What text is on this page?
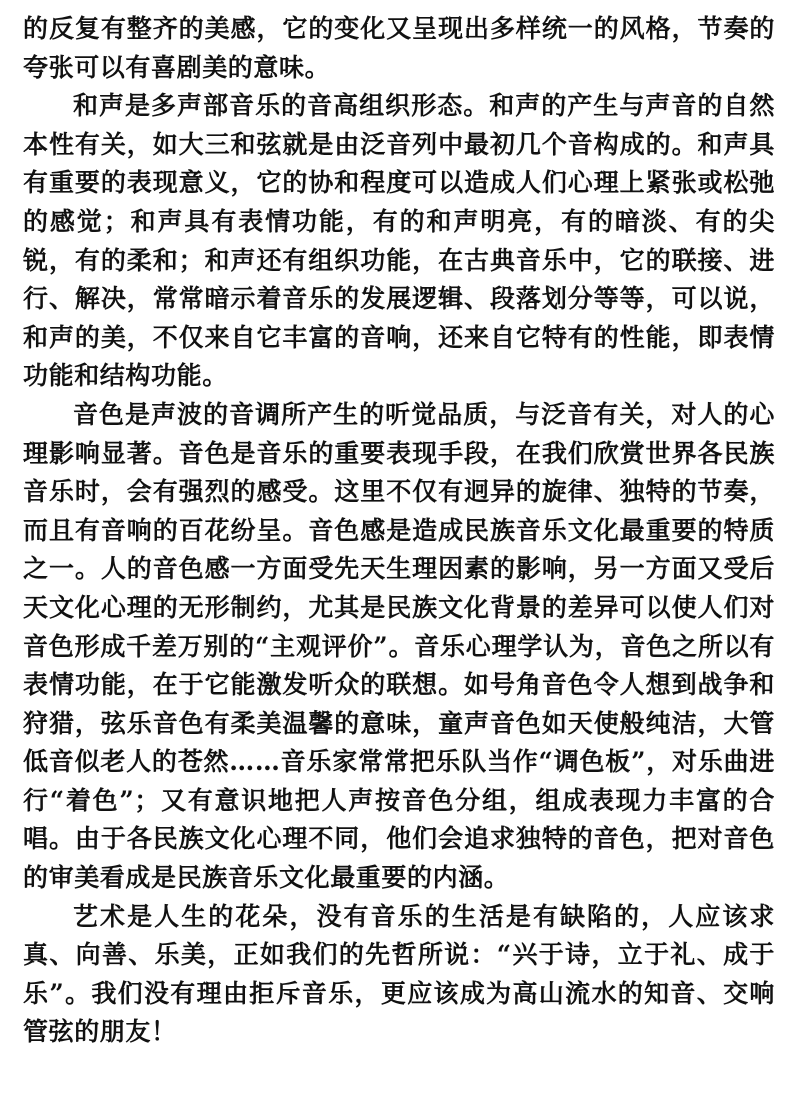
的反复有整齐的美感，它的变化又呈现出多样统一的风格，节奏的夸张可以有喜剧美的意味。

和声是多声部音乐的音高组织形态。和声的产生与声音的自然本性有关，如大三和弦就是由泛音列中最初几个音构成的。和声具有重要的表现意义，它的协和程度可以造成人们心理上紧张或松弛的感觉；和声具有表情功能，有的和声明亮，有的暗淡、有的尖锐，有的柔和；和声还有组织功能，在古典音乐中，它的联接、进行、解决，常常暗示着音乐的发展逻辑、段落划分等等，可以说，和声的美，不仅来自它丰富的音响，还来自它特有的性能，即表情功能和结构功能。

音色是声波的音调所产生的听觉品质，与泛音有关，对人的心理影响显著。音色是音乐的重要表现手段，在我们欣赏世界各民族音乐时，会有强烈的感受。这里不仅有迥异的旋律、独特的节奏，而且有音响的百花纷呈。音色感是造成民族音乐文化最重要的特质之一。人的音色感一方面受先天生理因素的影响，另一方面又受后天文化心理的无形制约，尤其是民族文化背景的差异可以使人们对音色形成千差万别的“主观评价”。音乐心理学认为，音色之所以有表情功能，在于它能激发听众的联想。如号角音色令人想到战争和狩猎，弦乐音色有柔美温馨的意味，童声音色如天使般纯洁，大管低音似老人的苍然……音乐家常常把乐队当作“调色板”，对乐曲进行“着色”；又有意识地把人声按音色分组，组成表现力丰富的合唱。由于各民族文化心理不同，他们会追求独特的音色，把对音色的审美看成是民族音乐文化最重要的内涵。

艺术是人生的花朵，没有音乐的生活是有缺陷的，人应该求真、向善、乐美，正如我们的先哲所说：“兴于诗，立于礼、成于乐”。我们没有理由拒斥音乐，更应该成为高山流水的知音、交响管弦的朋友！
